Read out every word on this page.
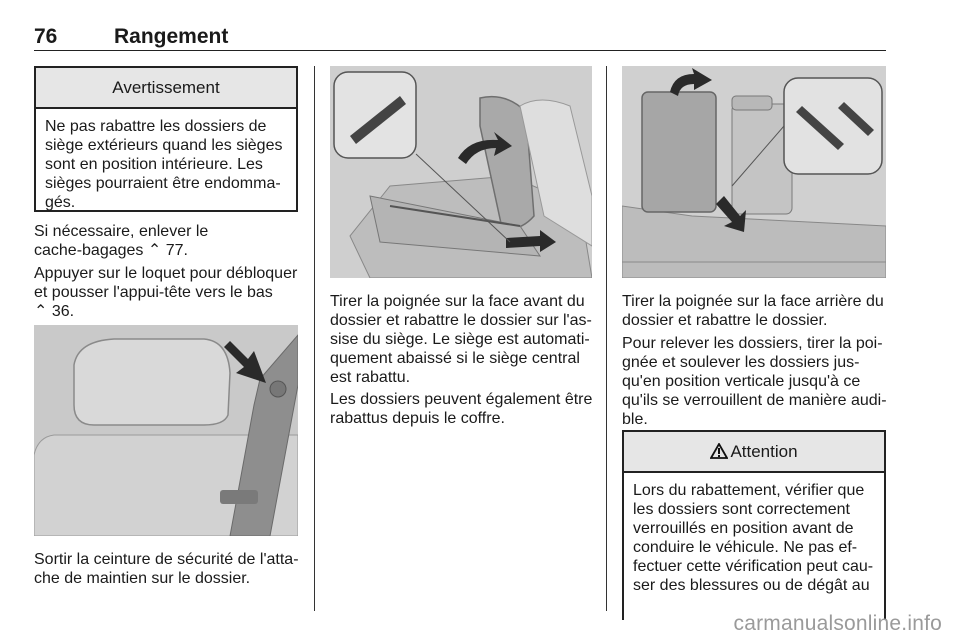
76	Rangement
Avertissement
Ne pas rabattre les dossiers de
siège extérieurs quand les sièges
sont en position intérieure. Les
sièges pourraient être endomma-
gés.
Si nécessaire, enlever le
cache-bagages ⌃ 77.
Appuyer sur le loquet pour débloquer
et pousser l'appui-tête vers le bas
⌃ 36.
Sortir la ceinture de sécurité de l'atta-
che de maintien sur le dossier.
Tirer la poignée sur la face avant du
dossier et rabattre le dossier sur l'as-
sise du siège. Le siège est automati-
quement abaissé si le siège central
est rabattu.
Les dossiers peuvent également être
rabattus depuis le coffre.
Tirer la poignée sur la face arrière du
dossier et rabattre le dossier.
Pour relever les dossiers, tirer la poi-
gnée et soulever les dossiers jus-
qu'en position verticale jusqu'à ce
qu'ils se verrouillent de manière audi-
ble.
Attention
Lors du rabattement, vérifier que
les dossiers sont correctement
verrouillés en position avant de
conduire le véhicule. Ne pas ef-
fectuer cette vérification peut cau-
ser des blessures ou de dégât au
carmanualsonline.info
